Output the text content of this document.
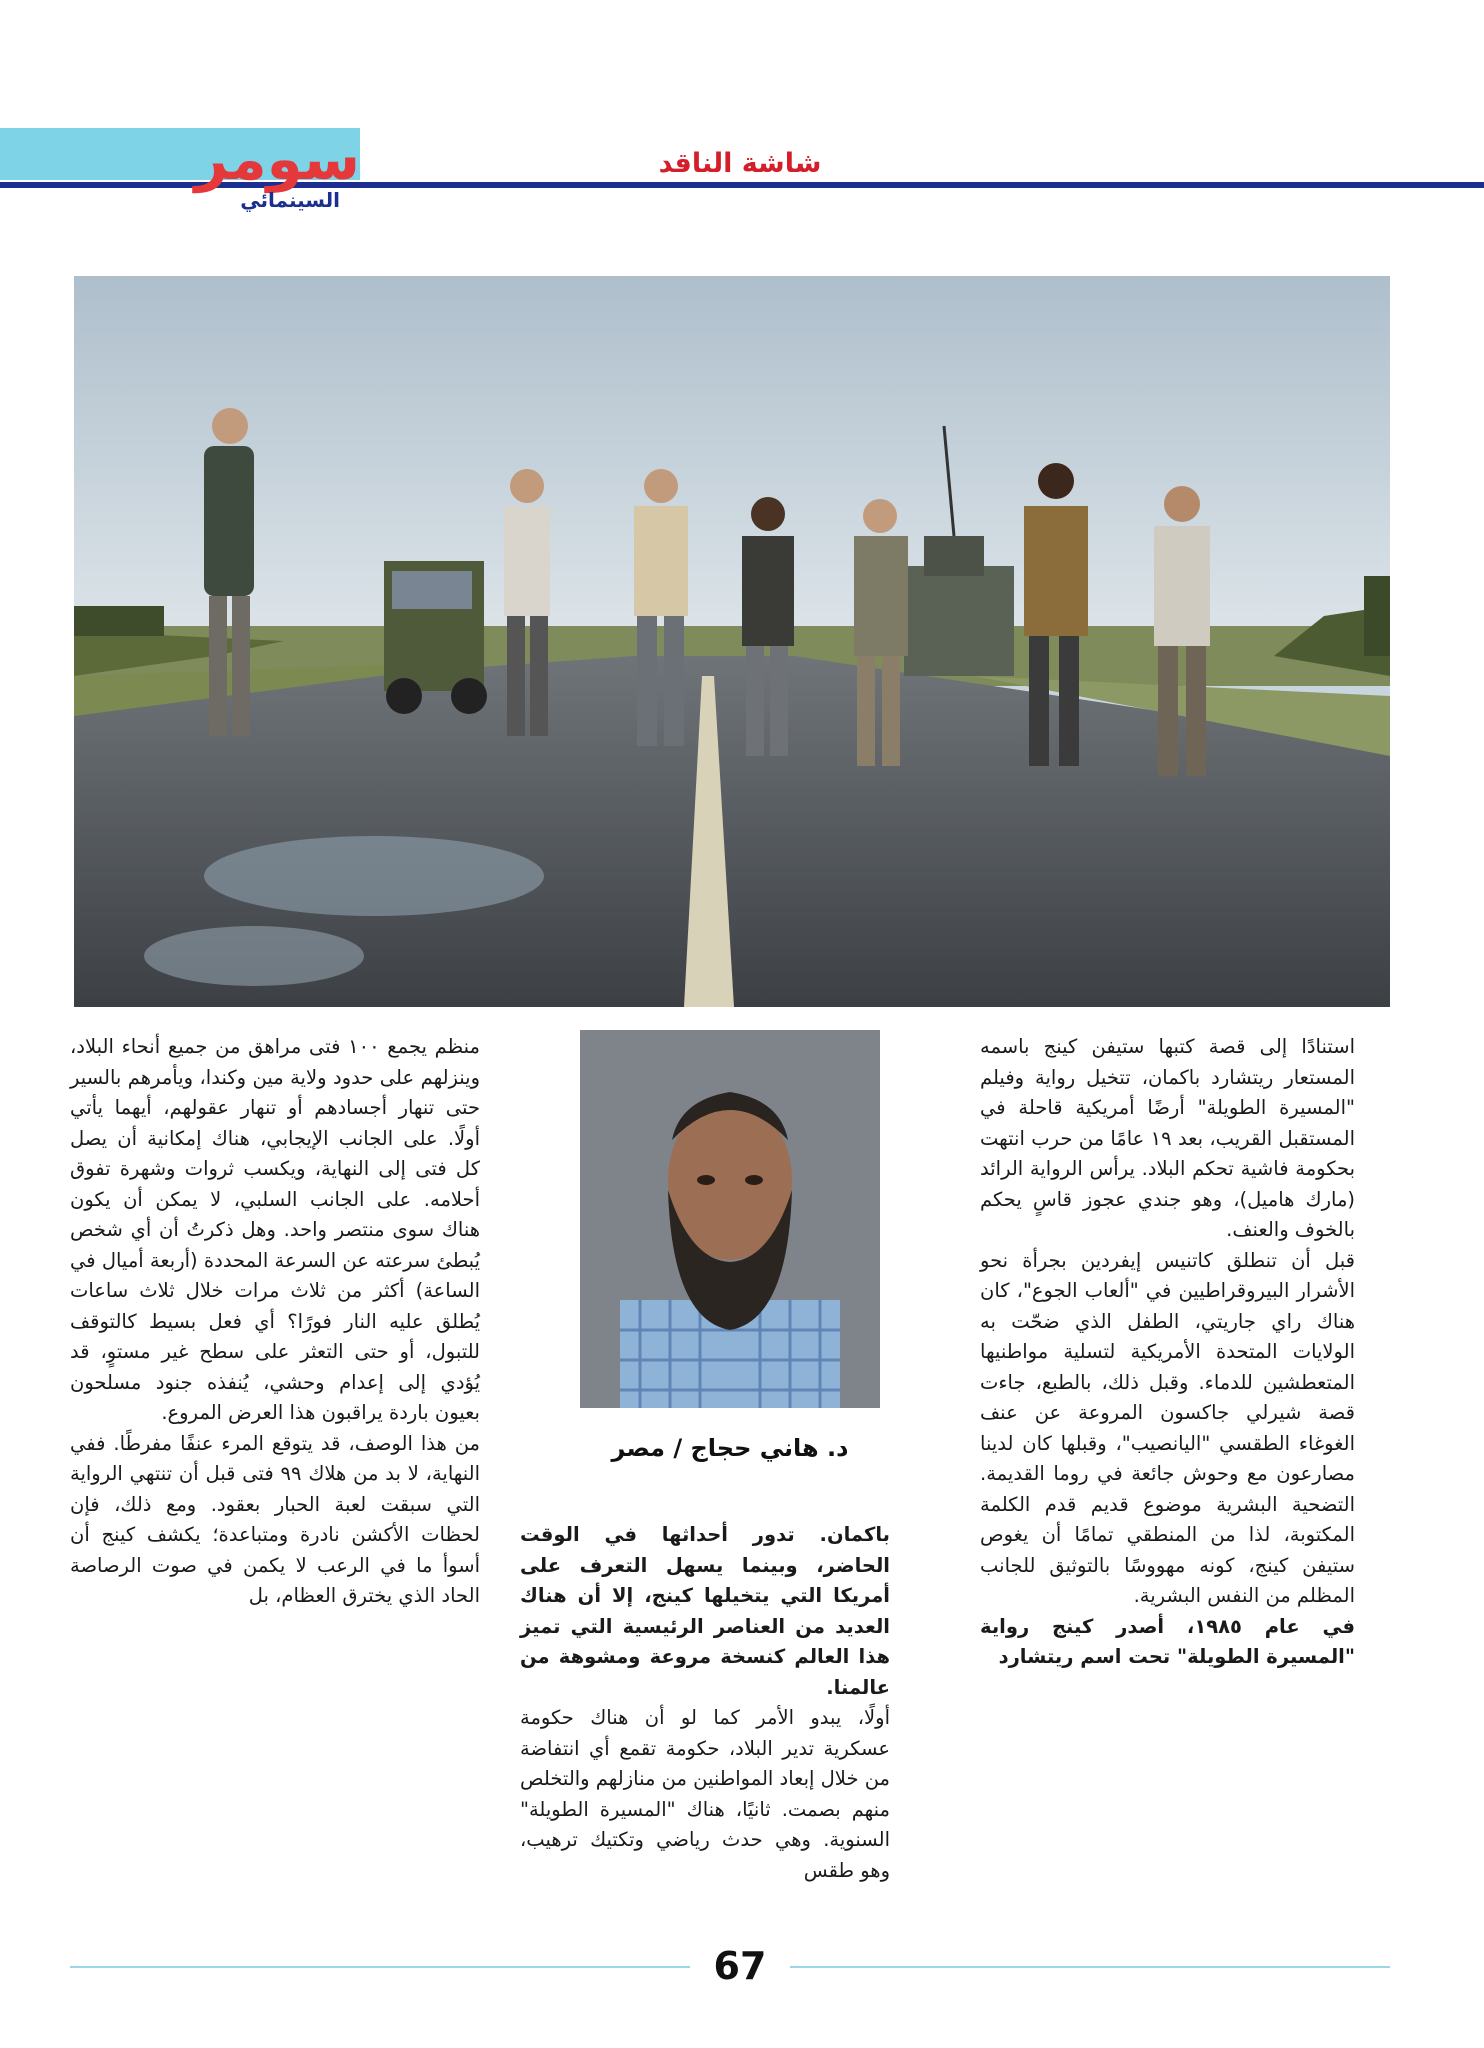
سومر
السينمائي
شاشة الناقد

استنادًا إلى قصة كتبها ستيفن كينج باسمه المستعار ريتشارد باكمان، تتخيل رواية وفيلم "المسيرة الطويلة" أرضًا أمريكية قاحلة في المستقبل القريب، بعد ١٩ عامًا من حرب انتهت بحكومة فاشية تحكم البلاد. يرأس الرواية الرائد (مارك هاميل)، وهو جندي عجوز قاسٍ يحكم بالخوف والعنف.

قبل أن تنطلق كاتنيس إيفردين بجرأة نحو الأشرار البيروقراطيين في "ألعاب الجوع"، كان هناك راي جاريتي، الطفل الذي ضحّت به الولايات المتحدة الأمريكية لتسلية مواطنيها المتعطشين للدماء. وقبل ذلك، بالطبع، جاءت قصة شيرلي جاكسون المروعة عن عنف الغوغاء الطقسي "اليانصيب"، وقبلها كان لدينا مصارعون مع وحوش جائعة في روما القديمة. التضحية البشرية موضوع قديم قدم الكلمة المكتوبة، لذا من المنطقي تمامًا أن يغوص ستيفن كينج، كونه مهووسًا بالتوثيق للجانب المظلم من النفس البشرية.

في عام ١٩٨٥، أصدر كينج رواية "المسيرة الطويلة" تحت اسم ريتشارد

د. هاني حجاج / مصر

باكمان. تدور أحداثها في الوقت الحاضر، وبينما يسهل التعرف على أمريكا التي يتخيلها كينج، إلا أن هناك العديد من العناصر الرئيسية التي تميز هذا العالم كنسخة مروعة ومشوهة من عالمنا.

أولًا، يبدو الأمر كما لو أن هناك حكومة عسكرية تدير البلاد، حكومة تقمع أي انتفاضة من خلال إبعاد المواطنين من منازلهم والتخلص منهم بصمت. ثانيًا، هناك "المسيرة الطويلة" السنوية. وهي حدث رياضي وتكتيك ترهيب، وهو طقس

منظم يجمع ١٠٠ فتى مراهق من جميع أنحاء البلاد، وينزلهم على حدود ولاية مين وكندا، ويأمرهم بالسير حتى تنهار أجسادهم أو تنهار عقولهم، أيهما يأتي أولًا. على الجانب الإيجابي، هناك إمكانية أن يصل كل فتى إلى النهاية، ويكسب ثروات وشهرة تفوق أحلامه. على الجانب السلبي، لا يمكن أن يكون هناك سوى منتصر واحد. وهل ذكرتُ أن أي شخص يُبطئ سرعته عن السرعة المحددة (أربعة أميال في الساعة) أكثر من ثلاث مرات خلال ثلاث ساعات يُطلق عليه النار فورًا؟ أي فعل بسيط كالتوقف للتبول، أو حتى التعثر على سطح غير مستوٍ، قد يُؤدي إلى إعدام وحشي، يُنفذه جنود مسلحون بعيون باردة يراقبون هذا العرض المروع.

من هذا الوصف، قد يتوقع المرء عنفًا مفرطًا. ففي النهاية، لا بد من هلاك ٩٩ فتى قبل أن تنتهي الرواية التي سبقت لعبة الحبار بعقود. ومع ذلك، فإن لحظات الأكشن نادرة ومتباعدة؛ يكشف كينج أن أسوأ ما في الرعب لا يكمن في صوت الرصاصة الحاد الذي يخترق العظام، بل

67
